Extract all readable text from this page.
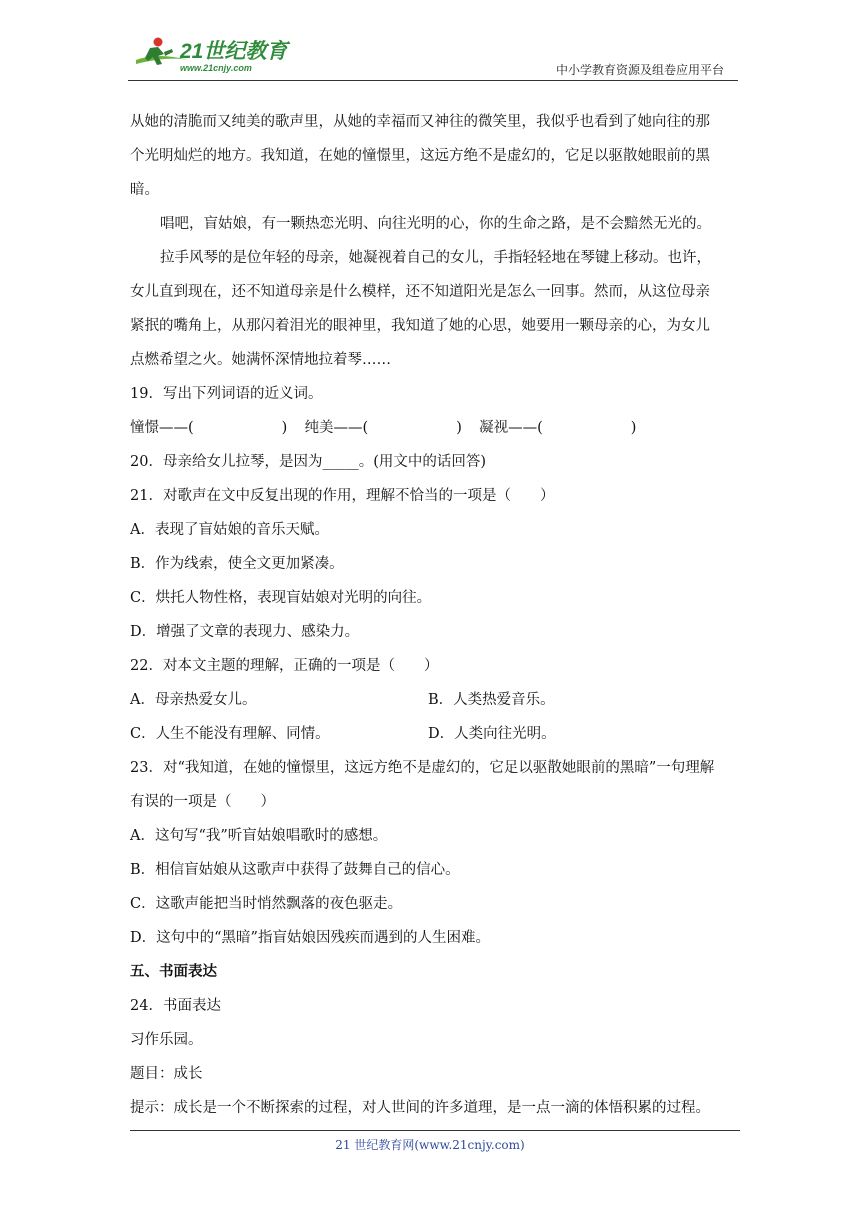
21世纪教育
www.21cnjy.com	中小学教育资源及组卷应用平台
从她的清脆而又纯美的歌声里，从她的幸福而又神往的微笑里，我似乎也看到了她向往的那
个光明灿烂的地方。我知道，在她的憧憬里，这远方绝不是虚幻的，它足以驱散她眼前的黑
暗。
唱吧，盲姑娘，有一颗热恋光明、向往光明的心，你的生命之路，是不会黯然无光的。
拉手风琴的是位年轻的母亲，她凝视着自己的女儿，手指轻轻地在琴键上移动。也许，
女儿直到现在，还不知道母亲是什么模样，还不知道阳光是怎么一回事。然而，从这位母亲
紧抿的嘴角上，从那闪着泪光的眼神里，我知道了她的心思，她要用一颗母亲的心，为女儿
点燃希望之火。她满怀深情地拉着琴……
19．写出下列词语的近义词。
憧憬——(	) 纯美——(	) 凝视——(	)
20．母亲给女儿拉琴，是因为_____。(用文中的话回答)
21．对歌声在文中反复出现的作用，理解不恰当的一项是（　　）
A．表现了盲姑娘的音乐天赋。
B．作为线索，使全文更加紧凑。
C．烘托人物性格，表现盲姑娘对光明的向往。
D．增强了文章的表现力、感染力。
22．对本文主题的理解，正确的一项是（　　）
A．母亲热爱女儿。	B．人类热爱音乐。
C．人生不能没有理解、同情。	D．人类向往光明。
23．对“我知道，在她的憧憬里，这远方绝不是虚幻的，它足以驱散她眼前的黑暗”一句理解
有误的一项是（　　）
A．这句写“我”听盲姑娘唱歌时的感想。
B．相信盲姑娘从这歌声中获得了鼓舞自己的信心。
C．这歌声能把当时悄然飘落的夜色驱走。
D．这句中的“黑暗”指盲姑娘因残疾而遇到的人生困难。
五、书面表达
24．书面表达
习作乐园。
题目：成长
提示：成长是一个不断探索的过程，对人世间的许多道理，是一点一滴的体悟积累的过程。
21 世纪教育网(www.21cnjy.com)
